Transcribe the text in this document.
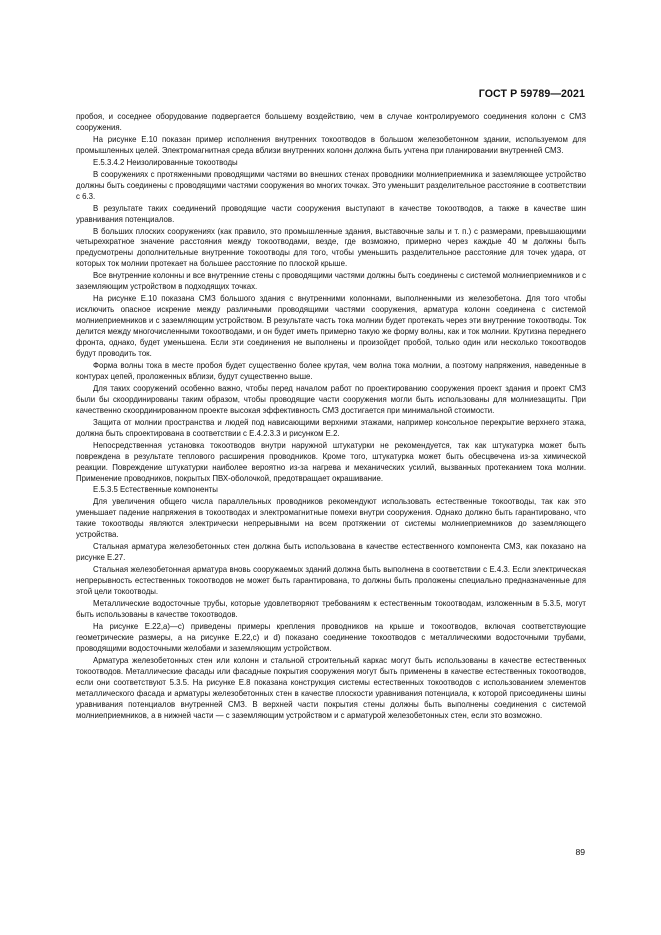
ГОСТ Р 59789—2021

пробоя, и соседнее оборудование подвергается большему воздействию, чем в случае контролируемого соединения колонн с СМЗ сооружения.

На рисунке Е.10 показан пример исполнения внутренних токоотводов в большом железобетонном здании, используемом для промышленных целей. Электромагнитная среда вблизи внутренних колонн должна быть учтена при планировании внутренней СМЗ.

Е.5.3.4.2 Неизолированные токоотводы

В сооружениях с протяженными проводящими частями во внешних стенах проводники молниеприемника и заземляющее устройство должны быть соединены с проводящими частями сооружения во многих точках. Это уменьшит разделительное расстояние в соответствии с 6.3.

В результате таких соединений проводящие части сооружения выступают в качестве токоотводов, а также в качестве шин уравнивания потенциалов.

В больших плоских сооружениях (как правило, это промышленные здания, выставочные залы и т. п.) с размерами, превышающими четырехкратное значение расстояния между токоотводами, везде, где возможно, примерно через каждые 40 м должны быть предусмотрены дополнительные внутренние токоотводы для того, чтобы уменьшить разделительное расстояние для точек удара, от которых ток молнии протекает на большее расстояние по плоской крыше.

Все внутренние колонны и все внутренние стены с проводящими частями должны быть соединены с системой молниеприемников и с заземляющим устройством в подходящих точках.

На рисунке Е.10 показана СМЗ большого здания с внутренними колоннами, выполненными из железобетона. Для того чтобы исключить опасное искрение между различными проводящими частями сооружения, арматура колонн соединена с системой молниеприемников и с заземляющим устройством. В результате часть тока молнии будет протекать через эти внутренние токоотводы. Ток делится между многочисленными токоотводами, и он будет иметь примерно такую же форму волны, как и ток молнии. Крутизна переднего фронта, однако, будет уменьшена. Если эти соединения не выполнены и произойдет пробой, только один или несколько токоотводов будут проводить ток.

Форма волны тока в месте пробоя будет существенно более крутая, чем волна тока молнии, а поэтому напряжения, наведенные в контурах цепей, проложенных вблизи, будут существенно выше.

Для таких сооружений особенно важно, чтобы перед началом работ по проектированию сооружения проект здания и проект СМЗ были бы скоординированы таким образом, чтобы проводящие части сооружения могли быть использованы для молниезащиты. При качественно скоординированном проекте высокая эффективность СМЗ достигается при минимальной стоимости.

Защита от молнии пространства и людей под нависающими верхними этажами, например консольное перекрытие верхнего этажа, должна быть спроектирована в соответствии с Е.4.2.3.3 и рисунком Е.2.

Непосредственная установка токоотводов внутри наружной штукатурки не рекомендуется, так как штукатурка может быть повреждена в результате теплового расширения проводников. Кроме того, штукатурка может быть обесцвечена из-за химической реакции. Повреждение штукатурки наиболее вероятно из-за нагрева и механических усилий, вызванных протеканием тока молнии. Применение проводников, покрытых ПВХ-оболочкой, предотвращает окрашивание.

Е.5.3.5 Естественные компоненты

Для увеличения общего числа параллельных проводников рекомендуют использовать естественные токоотводы, так как это уменьшает падение напряжения в токоотводах и электромагнитные помехи внутри сооружения. Однако должно быть гарантировано, что такие токоотводы являются электрически непрерывными на всем протяжении от системы молниеприемников до заземляющего устройства.

Стальная арматура железобетонных стен должна быть использована в качестве естественного компонента СМЗ, как показано на рисунке Е.27.

Стальная железобетонная арматура вновь сооружаемых зданий должна быть выполнена в соответствии с Е.4.3. Если электрическая непрерывность естественных токоотводов не может быть гарантирована, то должны быть проложены специально предназначенные для этой цели токоотводы.

Металлические водосточные трубы, которые удовлетворяют требованиям к естественным токоотводам, изложенным в 5.3.5, могут быть использованы в качестве токоотводов.

На рисунке Е.22,a)—c) приведены примеры крепления проводников на крыше и токоотводов, включая соответствующие геометрические размеры, а на рисунке Е.22,c) и d) показано соединение токоотводов с металлическими водосточными трубами, проводящими водосточными желобами и заземляющим устройством.

Арматура железобетонных стен или колонн и стальной строительный каркас могут быть использованы в качестве естественных токоотводов. Металлические фасады или фасадные покрытия сооружения могут быть применены в качестве естественных токоотводов, если они соответствуют 5.3.5. На рисунке Е.8 показана конструкция системы естественных токоотводов с использованием элементов металлического фасада и арматуры железобетонных стен в качестве плоскости уравнивания потенциала, к которой присоединены шины уравнивания потенциалов внутренней СМЗ. В верхней части покрытия стены должны быть выполнены соединения с системой молниеприемников, а в нижней части — с заземляющим устройством и с арматурой железобетонных стен, если это возможно.

89
